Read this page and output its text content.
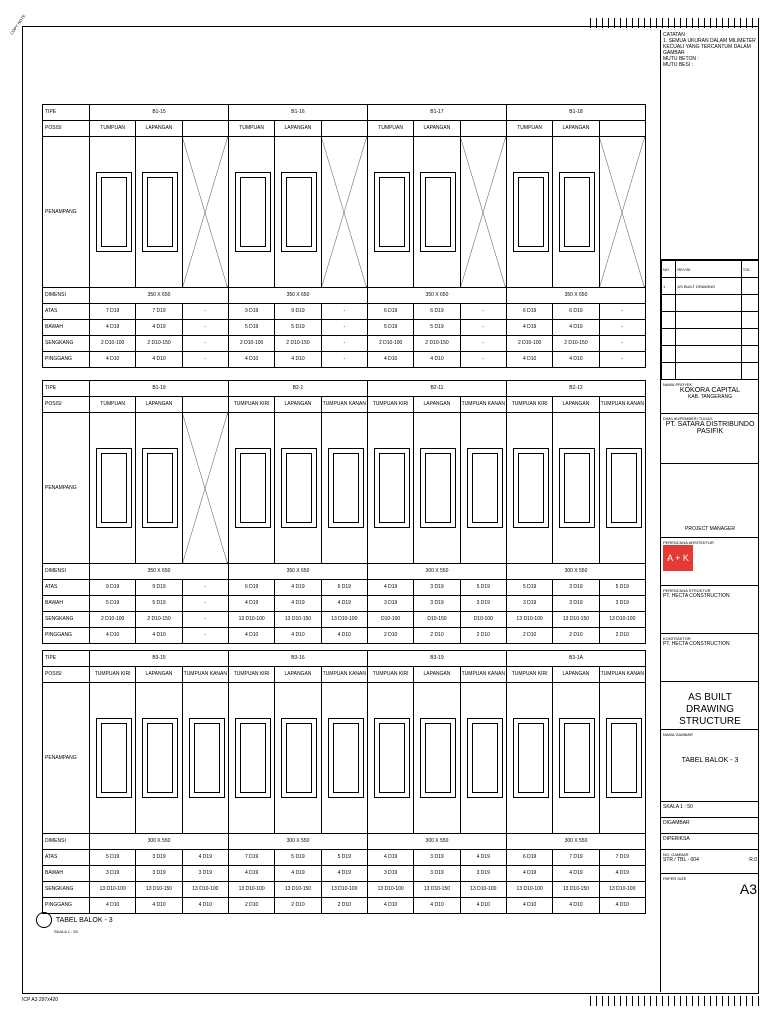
COPY NOTE
TIPE	B1-15			B1-16			B1-17			B1-18		
POSISI	TUMPUAN	LAPANGAN		TUMPUAN	LAPANGAN		TUMPUAN	LAPANGAN		TUMPUAN	LAPANGAN	
PENAMPANG												
DIMENSI	350 X 650			350 X 650			350 X 650			350 X 650		
ATAS	7 D19	7 D19	-	9 D19	9 D19	-	6 D19	6 D19	-	6 D19	6 D19	-
BAWAH	4 D19	4 D19	-	5 D19	5 D19	-	5 D19	5 D19	-	4 D19	4 D19	-
SENGKANG	2 D10-100	2 D10-150	-	2 D10-100	2 D10-150	-	2 D10-100	2 D10-150	-	2 D10-100	2 D10-150	-
PINGGANG	4 D10	4 D10	-	4 D10	4 D10	-	4 D10	4 D10	-	4 D10	4 D10	-
TIPE	B1-19			B2-1			B2-11			B2-12		
POSISI	TUMPUAN	LAPANGAN		TUMPUAN KIRI	LAPANGAN	TUMPUAN KANAN	TUMPUAN KIRI	LAPANGAN	TUMPUAN KANAN	TUMPUAN KIRI	LAPANGAN	TUMPUAN KANAN
PENAMPANG												
DIMENSI	350 X 650			350 X 650			300 X 550			300 X 550		
ATAS	9 D19	9 D19	-	6 D19	4 D19	6 D19	4 D19	3 D19	5 D19	5 D19	3 D19	5 D19
BAWAH	5 D19	5 D19	-	4 D19	4 D19	4 D19	3 D19	3 D19	3 D19	3 D19	3 D19	3 D19
SENGKANG	2 D10-100	2 D10-150	-	13 D10-100	13 D10-150	13 D10-100	D10-100	D10-150	D10-100	13 D10-100	13 D10-150	13 D10-100
PINGGANG	4 D10	4 D10	-	4 D10	4 D10	4 D10	2 D10	2 D10	2 D10	2 D10	2 D10	2 D10
TIPE	B3-15			B3-16			B3-19			B3-1A		
POSISI	TUMPUAN KIRI	LAPANGAN	TUMPUAN KANAN	TUMPUAN KIRI	LAPANGAN	TUMPUAN KANAN	TUMPUAN KIRI	LAPANGAN	TUMPUAN KANAN	TUMPUAN KIRI	LAPANGAN	TUMPUAN KANAN
PENAMPANG												
DIMENSI	300 X 550			300 X 550			300 X 550			300 X 550		
ATAS	5 D19	3 D19	4 D19	7 D19	5 D19	5 D19	4 D19	3 D19	4 D19	6 D19	7 D19	7 D19
BAWAH	3 D19	3 D19	3 D19	4 D19	4 D19	4 D19	3 D19	3 D19	3 D19	4 D19	4 D19	4 D19
SENGKANG	13 D10-100	13 D10-150	13 D10-100	13 D10-100	13 D10-150	13 D10-100	13 D10-100	13 D10-150	13 D10-100	13 D10-100	13 D10-150	13 D10-100
PINGGANG	4 D10	4 D10	4 D10	2 D10	2 D10	2 D10	4 D10	4 D10	4 D10	4 D10	4 D10	4 D10
TABEL BALOK - 3
SKALA 1 : 50
CATATAN :
1. SEMUA UKURAN DALAM MILIMETER KECUALI YANG TERCANTUM DALAM GAMBAR
MUTU BETON :
MUTU BESI :
NO	REVISI	TGL
1	AS BUILT DRAWING	

NAMA PROYEK
KOKORA CAPITAL
KAB. TANGERANG
DIMILIKI/PEMBERI TUGAS
PT. SATARA DISTRIBUNDO PASIFIK
PROJECT MANAGER
PERENCANA ARSITEKTUR
A + K
PERENCANA STRUKTUR
PT. HECTA CONSTRUCTION
KONTRAKTOR
PT. HECTA CONSTRUCTION
AS BUILT DRAWING STRUCTURE
NAMA GAMBAR
TABEL BALOK - 3
SKALA 1 : 50
DIGAMBAR
DIPERIKSA
NO. GAMBAR
STR / TBL - 004	R.0
PAPER SIZE
A3
ICP A3 297x420
